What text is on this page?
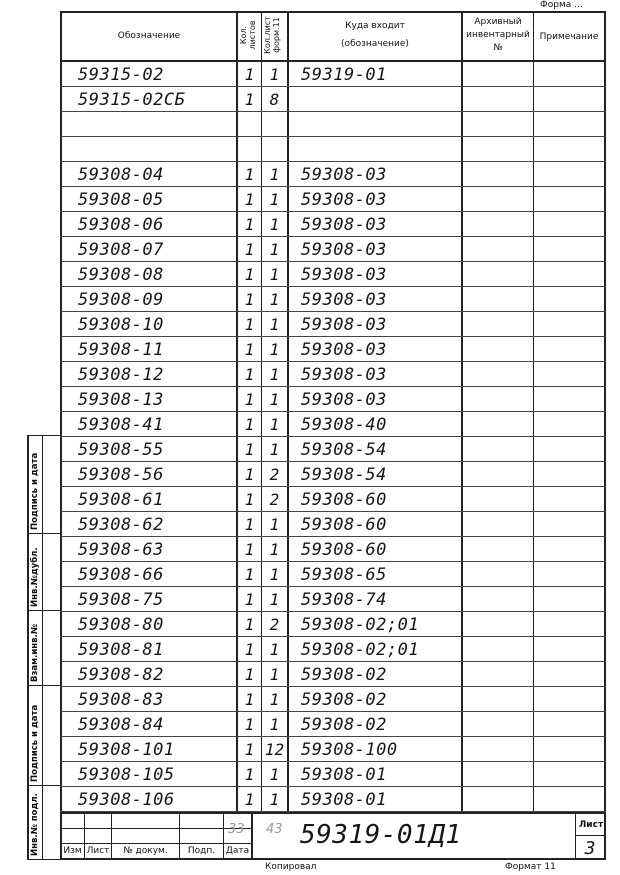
Форма ...
Обозначение	Кол. листов Кол.лист форм.11	Куда входит
(обозначение)
Архивный
инвентарный
№
Примечание
59315-02	1 1	59319-01
59315-02СБ	1 8
59308-04	1 1	59308-03
59308-05	1 1	59308-03
59308-06	1 1	59308-03
59308-07	1 1	59308-03
59308-08	1 1	59308-03
59308-09	1 1	59308-03
59308-10	1 1	59308-03
59308-11	1 1	59308-03
59308-12	1 1	59308-03
59308-13	1 1	59308-03
59308-41	1 1	59308-40
59308-55	1 1	59308-54
59308-56	1 2	59308-54
59308-61	1 2	59308-60
59308-62	1 1	59308-60
59308-63	1 1	59308-60
59308-66	1 1	59308-65
59308-75	1 1	59308-74
59308-80	1 2	59308-02;01
59308-81	1 1	59308-02;01
59308-82	1 1	59308-02
59308-83	1 1	59308-02
59308-84	1 1	59308-02
59308-101	1 12 59308-100
59308-105	1 1	59308-01
59308-106	1 1	59308-01
Подпись и дата
Инв.№дубл.
Взам.инв.№
Подпись и дата
Инв.№ подл.	Изм Лист	№ докум.	Подп.	Дата
33 43 59319-01Д1	Лист
3
Копировал	Формат 11
